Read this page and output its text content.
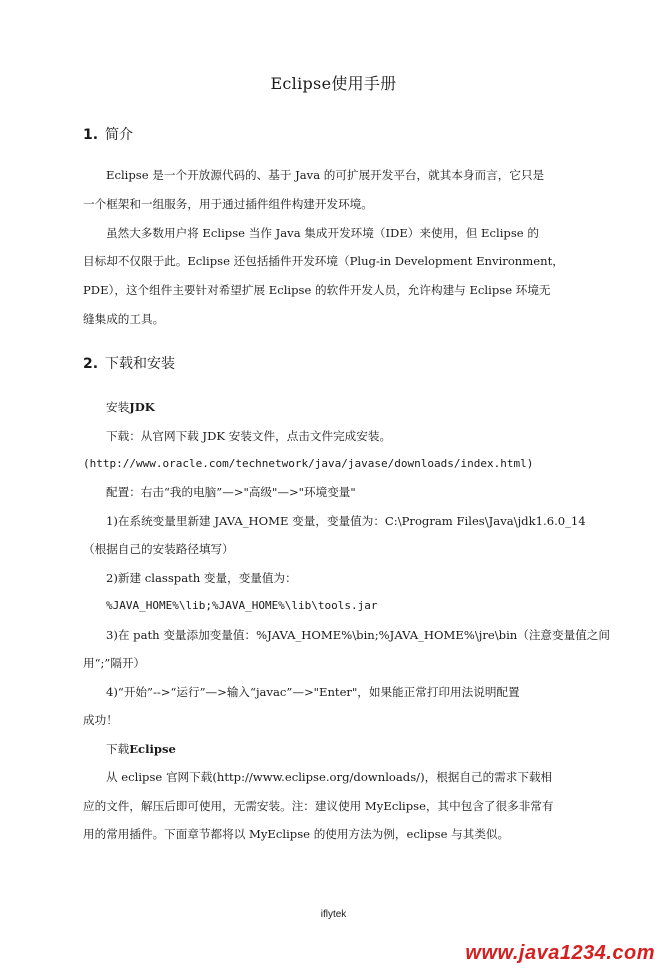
Eclipse使用手册
1. 简介
Eclipse 是一个开放源代码的、基于 Java 的可扩展开发平台，就其本身而言，它只是
一个框架和一组服务，用于通过插件组件构建开发环境。
虽然大多数用户将 Eclipse 当作 Java 集成开发环境（IDE）来使用，但 Eclipse 的
目标却不仅限于此。Eclipse 还包括插件开发环境（Plug-in Development Environment，
PDE），这个组件主要针对希望扩展 Eclipse 的软件开发人员，允许构建与 Eclipse 环境无
缝集成的工具。
2. 下载和安装
安装JDK
下载：从官网下载 JDK 安装文件，点击文件完成安装。
(http://www.oracle.com/technetwork/java/javase/downloads/index.html)
配置：右击“我的电脑”—>"高级"—>"环境变量"
1)在系统变量里新建 JAVA_HOME 变量，变量值为：C:\Program Files\Java\jdk1.6.0_14
（根据自己的安装路径填写）
2)新建 classpath 变量，变量值为：
%JAVA_HOME%\lib;%JAVA_HOME%\lib\tools.jar
3)在 path 变量添加变量值：%JAVA_HOME%\bin;%JAVA_HOME%\jre\bin（注意变量值之间
用“;”隔开）
4)“开始”-->“运行”—>输入“javac”—>"Enter"，如果能正常打印用法说明配置
成功！
下载Eclipse
从 eclipse 官网下载(http://www.eclipse.org/downloads/)，根据自己的需求下载相
应的文件，解压后即可使用，无需安装。注：建议使用 MyEclipse，其中包含了很多非常有
用的常用插件。下面章节都将以 MyEclipse 的使用方法为例，eclipse 与其类似。
iflytek
www.java1234.com
